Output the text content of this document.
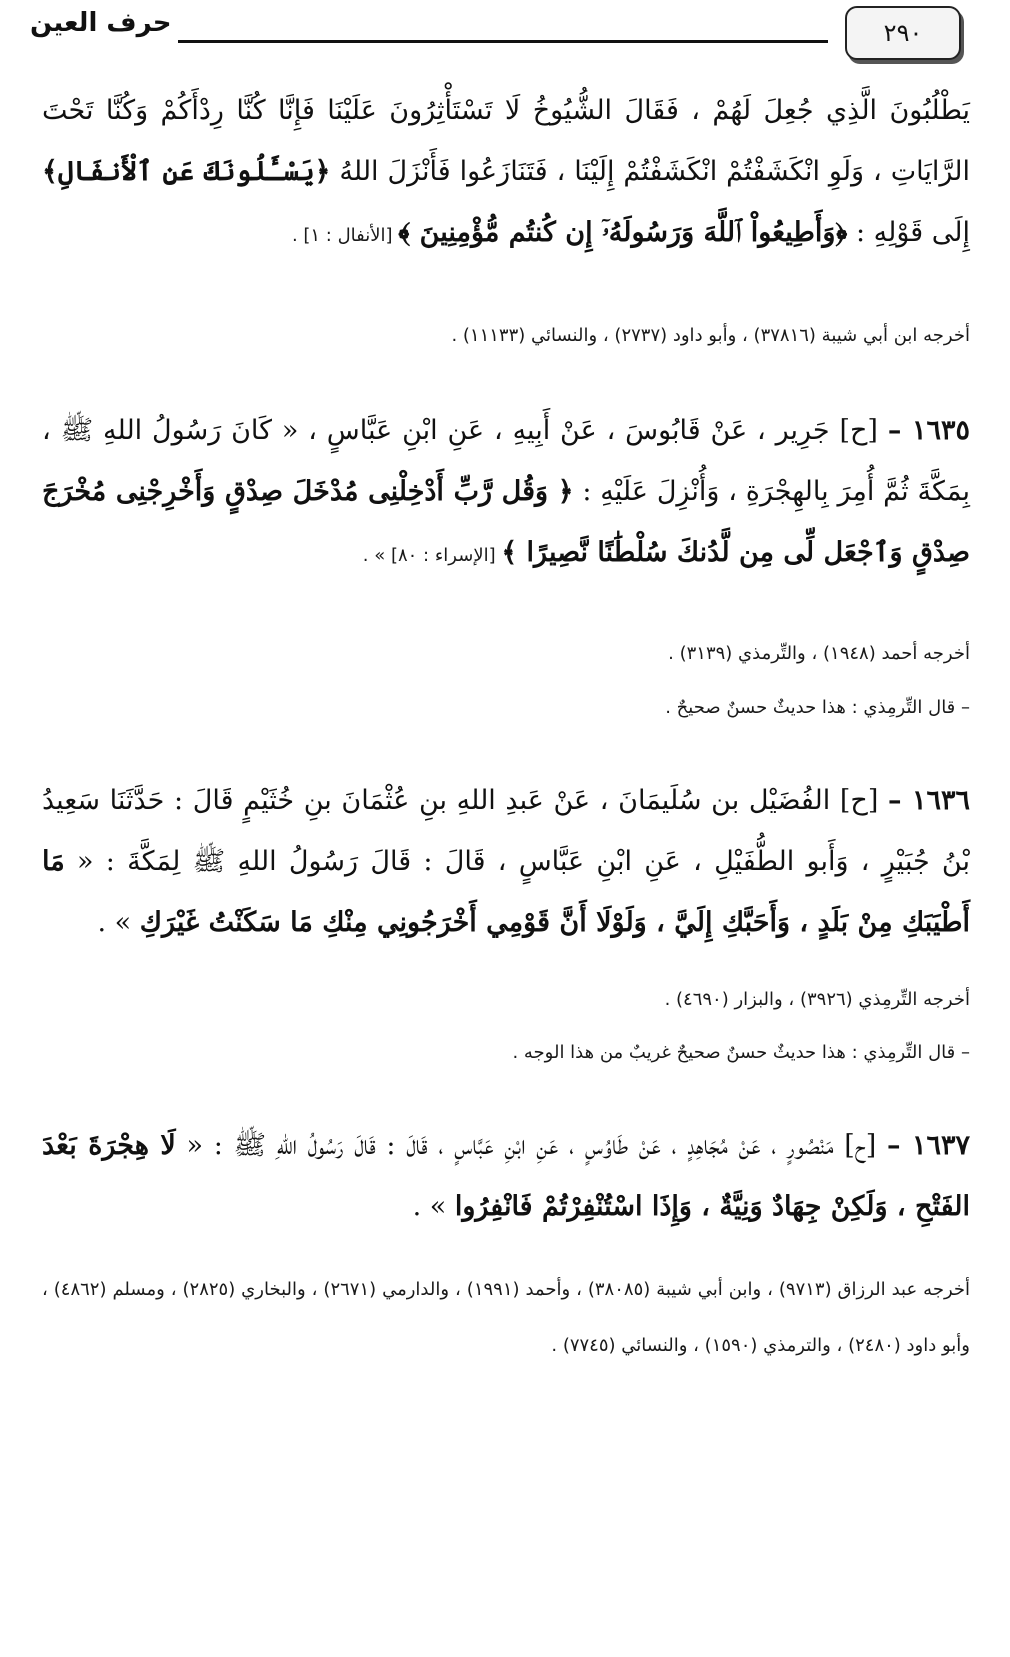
٢٩٠
حرف العين
يَطْلُبُونَ الَّذِي جُعِلَ لَهُمْ ، فَقَالَ الشُّيُوخُ لَا تَسْتَأْثِرُونَ عَلَيْنَا فَإِنَّا كُنَّا رِدْأَكُمْ وَكُنَّا تَحْتَ الرَّايَاتِ ، وَلَوِ انْكَشَفْتُمْ انْكَشَفْتُمْ إِلَيْنَا ، فَتَنَازَعُوا فَأَنْزَلَ اللهُ ﴿يَسْـَٔلُونَكَ عَنِ ٱلْأَنفَالِ﴾ إِلَى قَوْلِهِ : ﴿وَأَطِيعُواْ ٱللَّهَ وَرَسُولَهُۥٓ إِن كُنتُم مُّؤْمِنِينَ ﴾ [الأنفال : ١] .
أخرجه ابن أبي شيبة (٣٧٨١٦) ، وأبو داود (٢٧٣٧) ، والنسائي (١١١٣٣) .
١٦٣٥ – [ح] جَرِير ، عَنْ قَابُوسَ ، عَنْ أَبِيهِ ، عَنِ ابْنِ عَبَّاسٍ ، « كَانَ رَسُولُ اللهِ ﷺ ، بِمَكَّةَ ثُمَّ أُمِرَ بِالهِجْرَةِ ، وَأُنْزِلَ عَلَيْهِ : ﴿ وَقُل رَّبِّ أَدْخِلْنِى مُدْخَلَ صِدْقٍ وَأَخْرِجْنِى مُخْرَجَ صِدْقٍ وَٱجْعَل لِّى مِن لَّدُنكَ سُلْطَٰنًا نَّصِيرًا ﴾ [الإسراء : ٨٠] » .
أخرجه أحمد (١٩٤٨) ، والتِّرمذي (٣١٣٩) .
– قال التِّرمِذي : هذا حديثٌ حسنٌ صحيحٌ .
١٦٣٦ – [ح] الفُضَيْل بن سُلَيمَانَ ، عَنْ عَبدِ اللهِ بنِ عُثْمَانَ بنِ خُثَيْمٍ قَالَ : حَدَّثَنَا سَعِيدُ بْنُ جُبَيْرٍ ، وَأَبو الطُّفَيْلِ ، عَنِ ابْنِ عَبَّاسٍ ، قَالَ : قَالَ رَسُولُ اللهِ ﷺ لِمَكَّةَ : « مَا أَطْيَبَكِ مِنْ بَلَدٍ ، وَأَحَبَّكِ إِلَيَّ ، وَلَوْلَا أَنَّ قَوْمِي أَخْرَجُونِي مِنْكِ مَا سَكَنْتُ غَيْرَكِ » .
أخرجه التِّرمِذي (٣٩٢٦) ، والبزار (٤٦٩٠) .
– قال التِّرمِذي : هذا حديثٌ حسنٌ صحيحٌ غريبٌ من هذا الوجه .
١٦٣٧ – [ح] مَنْصُورٍ ، عَنْ مُجَاهِدٍ ، عَنْ طَاوُسٍ ، عَنِ ابْنِ عَبَّاسٍ ، قَالَ : قَالَ رَسُولُ اللهِ ﷺ : « لَا هِجْرَةَ بَعْدَ الفَتْحِ ، وَلَكِنْ جِهَادٌ وَنِيَّةٌ ، وَإِذَا اسْتُنْفِرْتُمْ فَانْفِرُوا » .
أخرجه عبد الرزاق (٩٧١٣) ، وابن أبي شيبة (٣٨٠٨٥) ، وأحمد (١٩٩١) ، والدارمي (٢٦٧١) ، والبخاري (٢٨٢٥) ، ومسلم (٤٨٦٢) ، وأبو داود (٢٤٨٠) ، والترمذي (١٥٩٠) ، والنسائي (٧٧٤٥) .
